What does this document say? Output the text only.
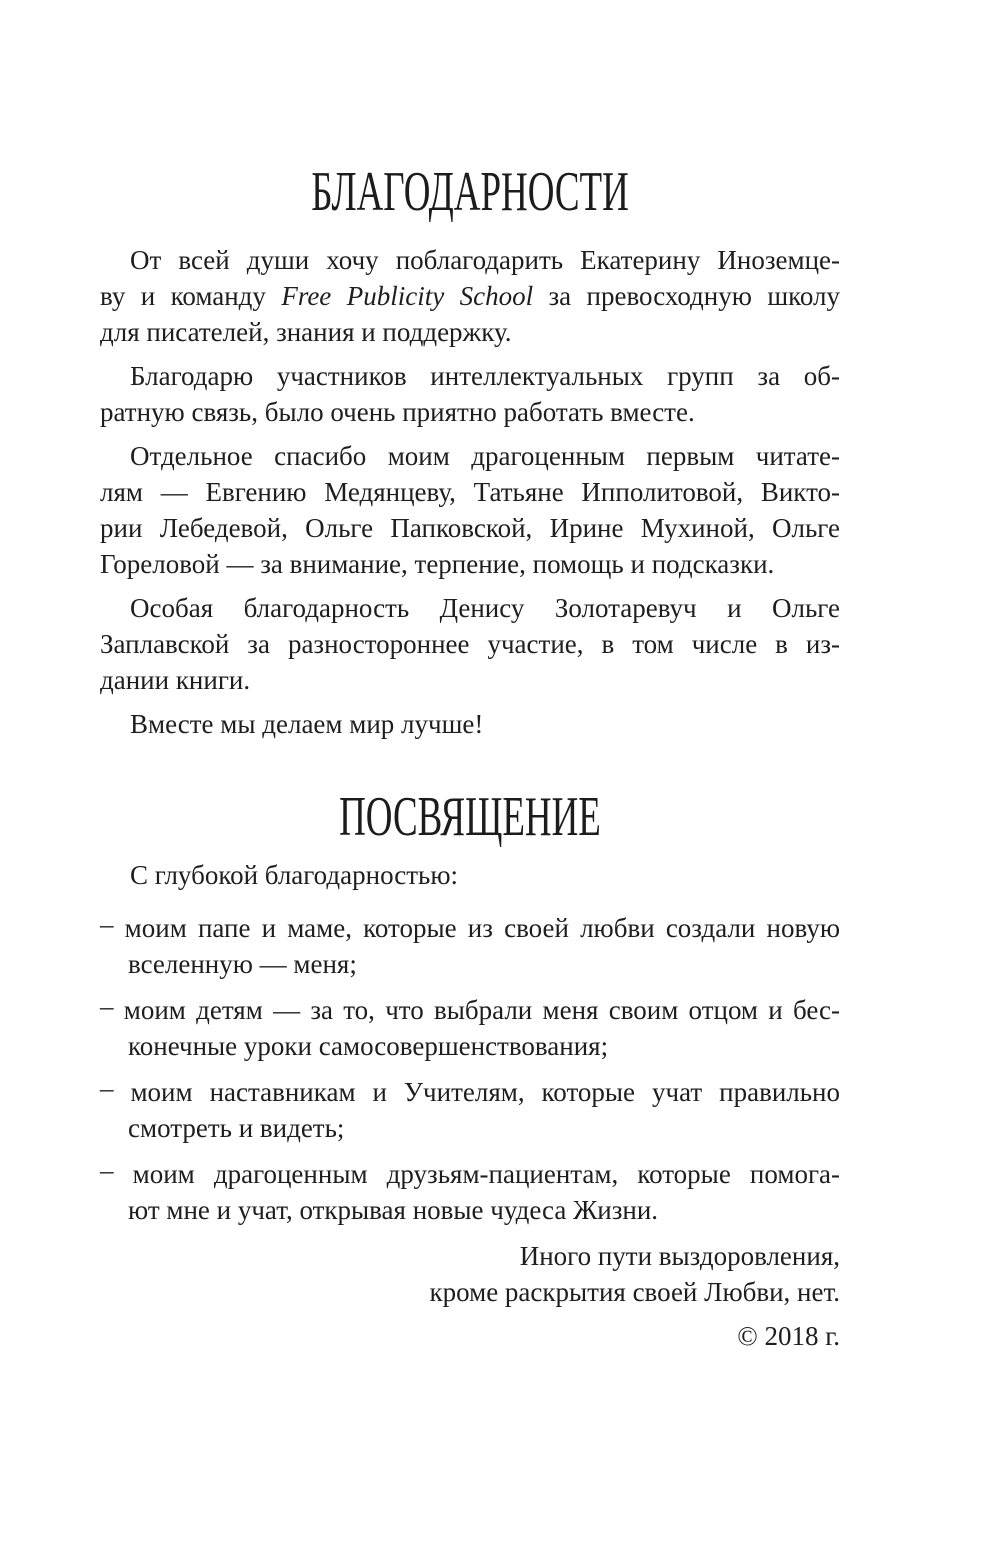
БЛАГОДАРНОСТИ
От всей души хочу поблагодарить Екатерину Иноземце-
ву и команду Free Publicity School за превосходную школу
для писателей, знания и поддержку.
Благодарю участников интеллектуальных групп за об-
ратную связь, было очень приятно работать вместе.
Отдельное спасибо моим драгоценным первым читате-
лям — Евгению Медянцеву, Татьяне Ипполитовой, Викто-
рии Лебедевой, Ольге Папковской, Ирине Мухиной, Ольге
Гореловой — за внимание, терпение, помощь и подсказки.
Особая благодарность Денису Золотаревуч и Ольге
Заплавской за разностороннее участие, в том числе в из-
дании книги.
Вместе мы делаем мир лучше!
ПОСВЯЩЕНИЕ

С глубокой благодарностью:

– моим папе и маме, которые из своей любви создали новую
вселенную — меня;
– моим детям — за то, что выбрали меня своим отцом и бес-
конечные уроки самосовершенствования;
– моим наставникам и Учителям, которые учат правильно
смотреть и видеть;
– моим драгоценным друзьям-пациентам, которые помога-
ют мне и учат, открывая новые чудеса Жизни.
Иного пути выздоровления,
кроме раскрытия своей Любви, нет.
© 2018 г.
